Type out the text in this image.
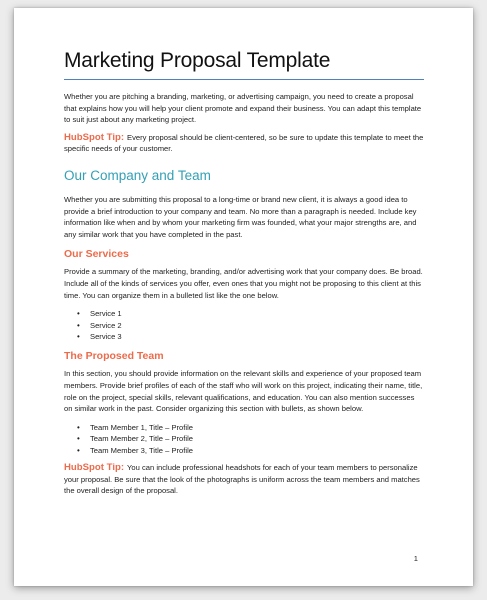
Marketing Proposal Template

Whether you are pitching a branding, marketing, or advertising campaign, you need to create a proposal that explains how you will help your client promote and expand their business. You can adapt this template to suit just about any marketing project.

HubSpot Tip: Every proposal should be client-centered, so be sure to update this template to meet the specific needs of your customer.

Our Company and Team

Whether you are submitting this proposal to a long-time or brand new client, it is always a good idea to provide a brief introduction to your company and team. No more than a paragraph is needed. Include key information like when and by whom your marketing firm was founded, what your major strengths are, and any similar work that you have completed in the past.

Our Services

Provide a summary of the marketing, branding, and/or advertising work that your company does. Be broad. Include all of the kinds of services you offer, even ones that you might not be proposing to this client at this time. You can organize them in a bulleted list like the one below.

• Service 1
• Service 2
• Service 3
The Proposed Team

In this section, you should provide information on the relevant skills and experience of your proposed team members. Provide brief profiles of each of the staff who will work on this project, indicating their name, title, role on the project, special skills, relevant qualifications, and education. You can also mention successes on similar work in the past. Consider organizing this section with bullets, as shown below.

• Team Member 1, Title – Profile
• Team Member 2, Title – Profile
• Team Member 3, Title – Profile

HubSpot Tip: You can include professional headshots for each of your team members to personalize your proposal. Be sure that the look of the photographs is uniform across the team members and matches the overall design of the proposal.

1
